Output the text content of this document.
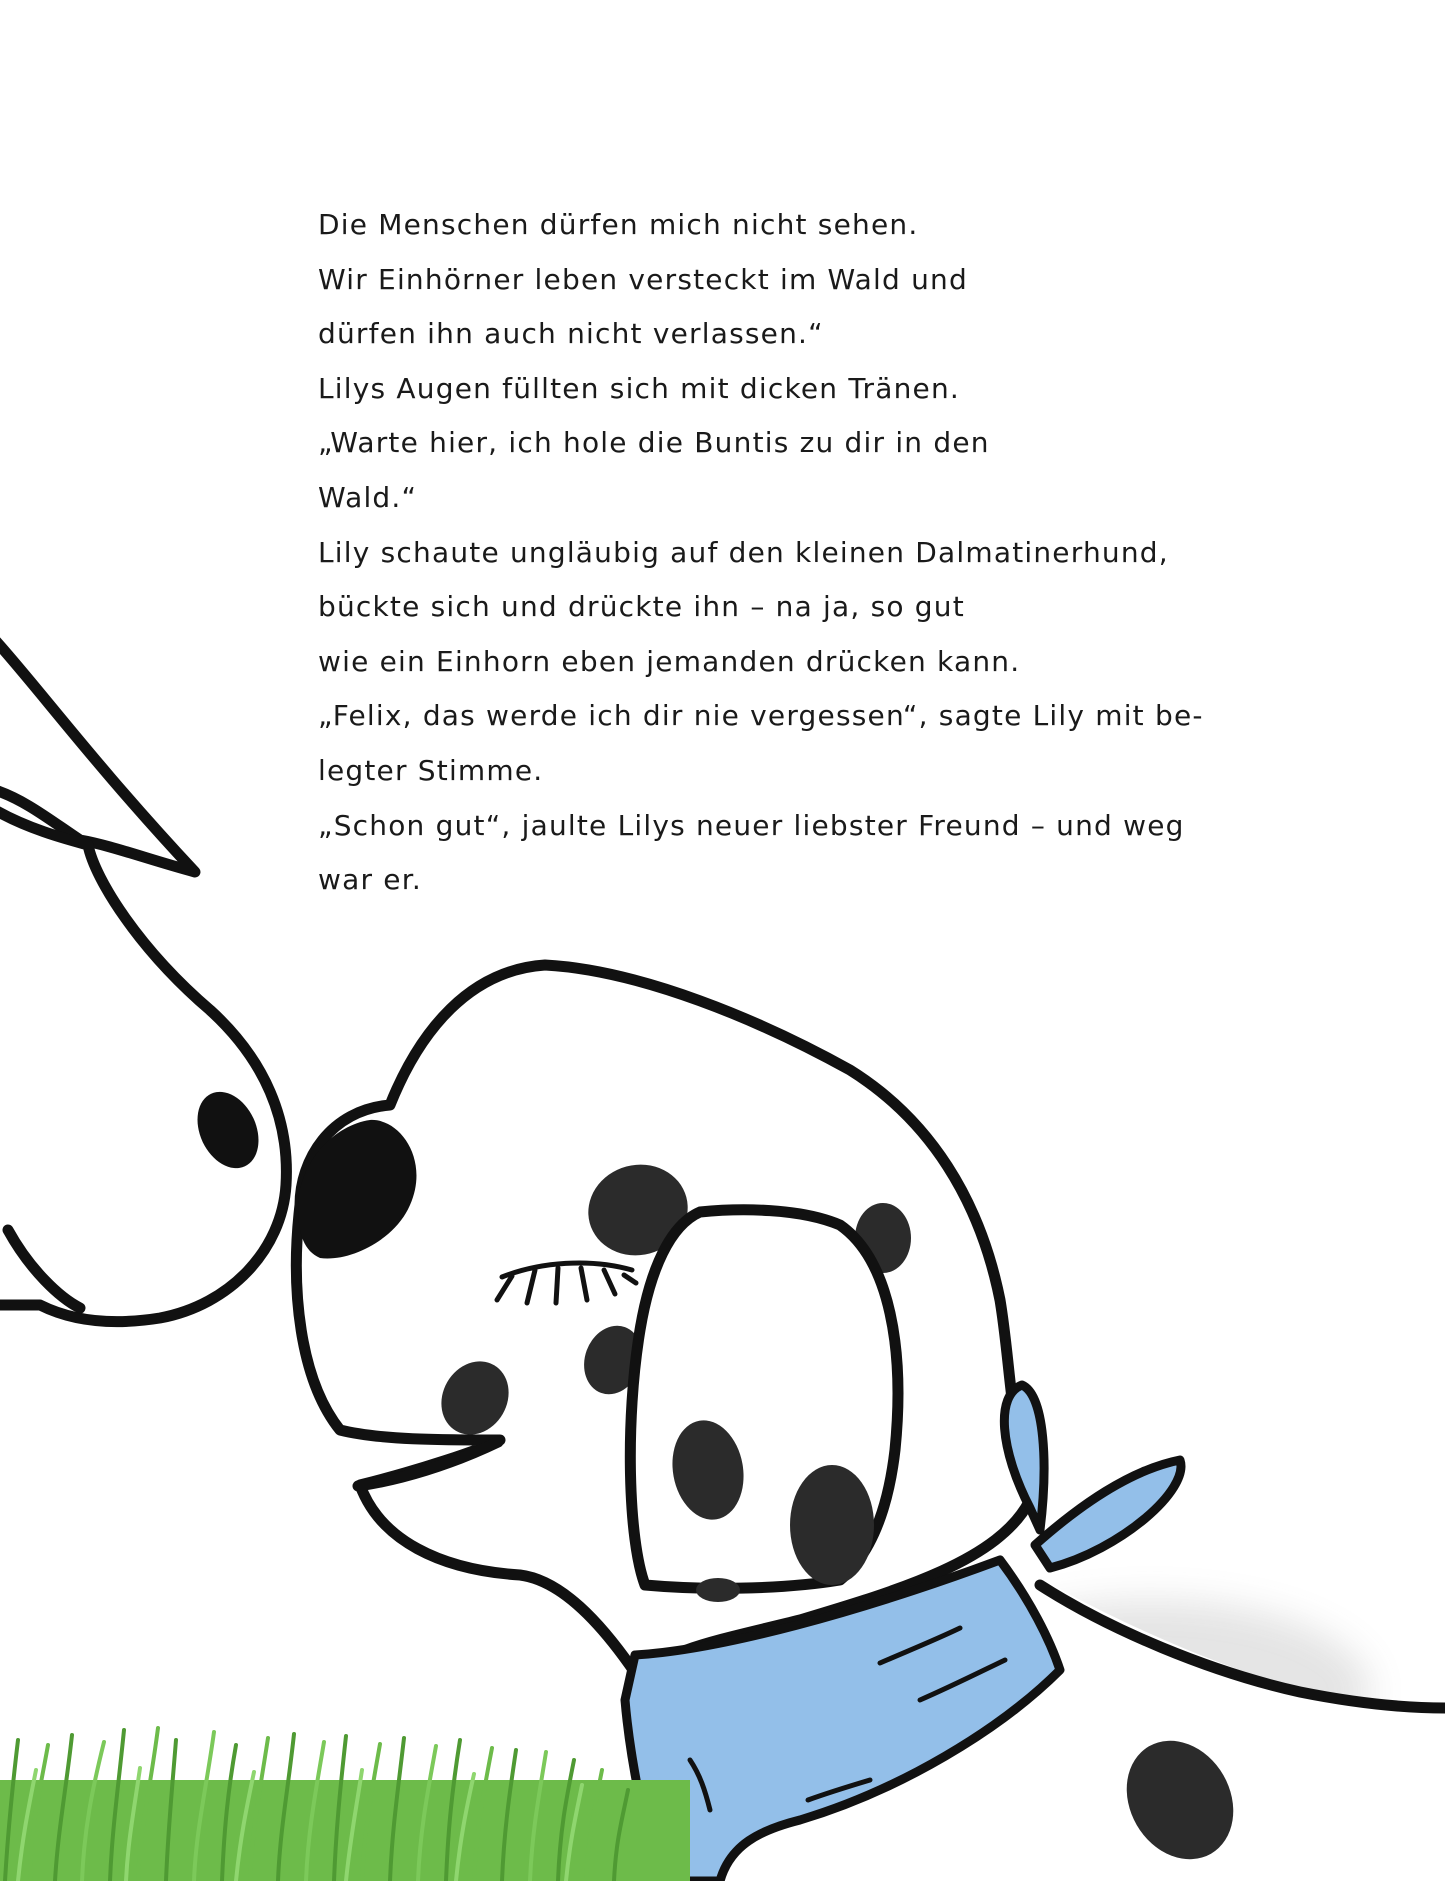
Die Menschen dürfen mich nicht sehen.
Wir Einhörner leben versteckt im Wald und
dürfen ihn auch nicht verlassen.“
Lilys Augen füllten sich mit dicken Tränen.
„Warte hier, ich hole die Buntis zu dir in den
Wald.“
Lily schaute ungläubig auf den kleinen Dalmatinerhund,
bückte sich und drückte ihn – na ja, so gut
wie ein Einhorn eben jemanden drücken kann.
„Felix, das werde ich dir nie vergessen“, sagte Lily mit be-
legter Stimme.
„Schon gut“, jaulte Lilys neuer liebster Freund – und weg
war er.
